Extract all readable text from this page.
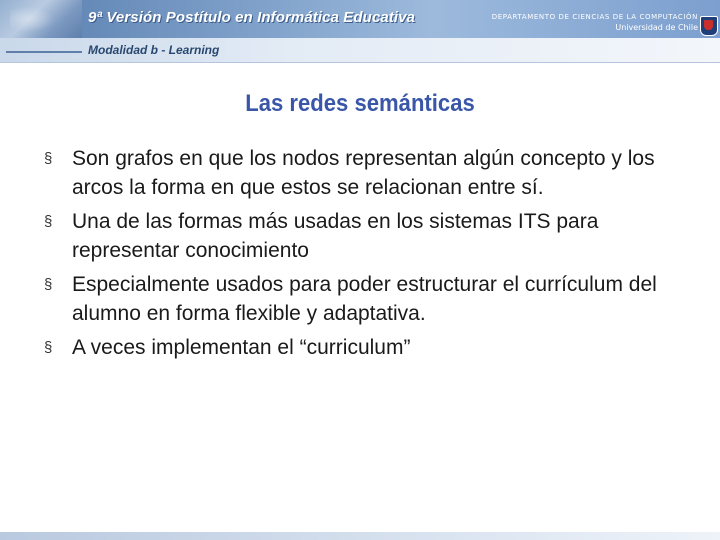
9ª Versión Postítulo en Informática Educativa	DEPARTAMENTO DE CIENCIAS DE LA COMPUTACIÓN
Universidad de Chile
Modalidad b - Learning
Las redes semánticas
§ Son grafos en que los nodos representan algún concepto y los arcos la forma en que estos se relacionan entre sí.
§ Una de las formas más usadas en los sistemas ITS para representar conocimiento
§ Especialmente usados para poder estructurar el currículum del alumno en forma flexible y adaptativa.
§ A veces implementan el “curriculum”
